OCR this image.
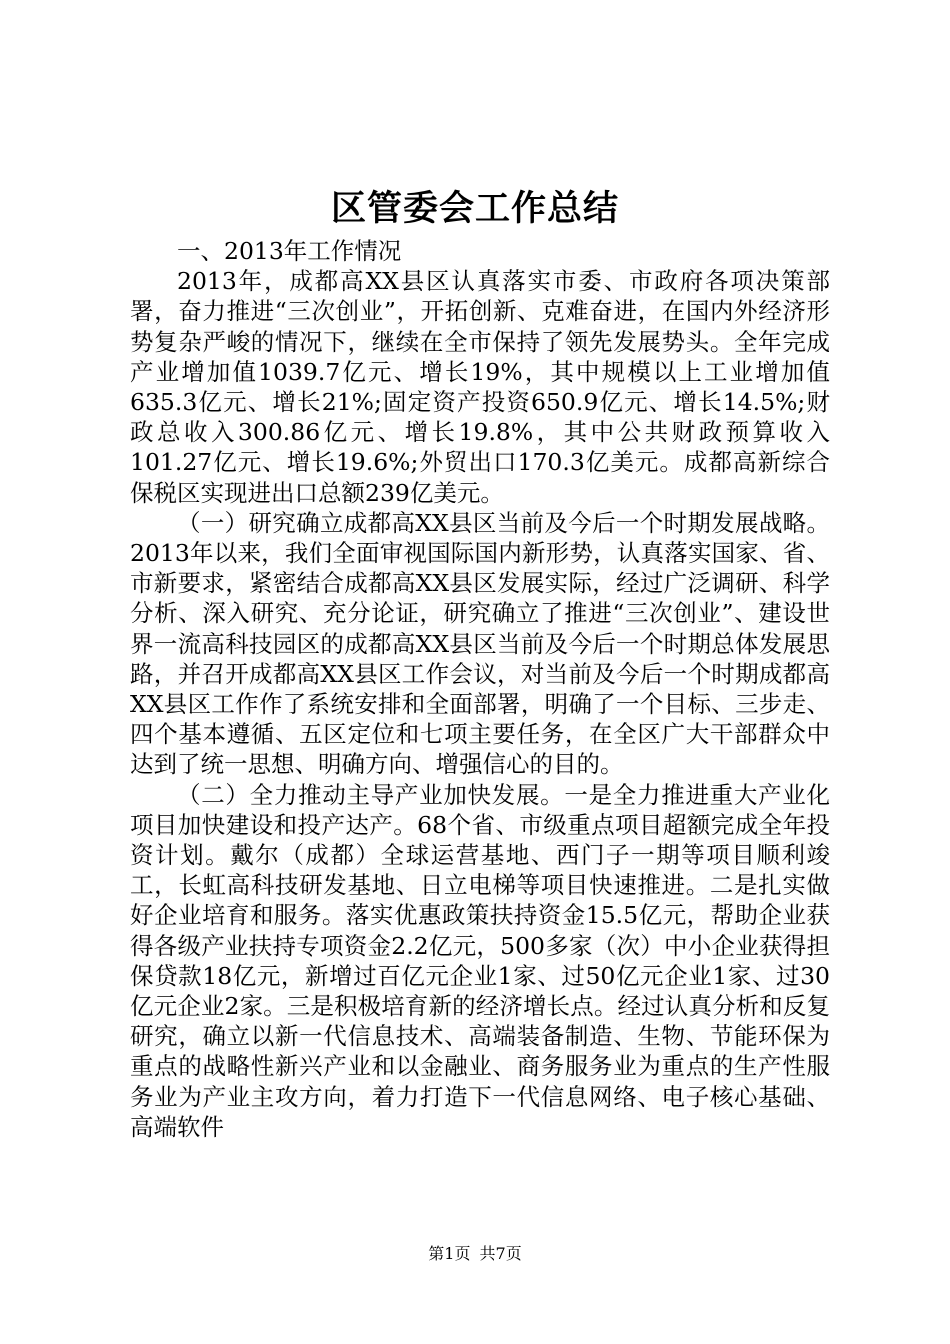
区管委会工作总结

一、2013年工作情况

2013年，成都高XX县区认真落实市委、市政府各项决策部署，奋力推进“三次创业”，开拓创新、克难奋进，在国内外经济形势复杂严峻的情况下，继续在全市保持了领先发展势头。全年完成产业增加值1039.7亿元、增长19%，其中规模以上工业增加值635.3亿元、增长21%;固定资产投资650.9亿元、增长14.5%;财政总收入300.86亿元、增长19.8%，其中公共财政预算收入101.27亿元、增长19.6%;外贸出口170.3亿美元。成都高新综合保税区实现进出口总额239亿美元。

（一）研究确立成都高XX县区当前及今后一个时期发展战略。2013年以来，我们全面审视国际国内新形势，认真落实国家、省、市新要求，紧密结合成都高XX县区发展实际，经过广泛调研、科学分析、深入研究、充分论证，研究确立了推进“三次创业”、建设世界一流高科技园区的成都高XX县区当前及今后一个时期总体发展思路，并召开成都高XX县区工作会议，对当前及今后一个时期成都高XX县区工作作了系统安排和全面部署，明确了一个目标、三步走、四个基本遵循、五区定位和七项主要任务，在全区广大干部群众中达到了统一思想、明确方向、增强信心的目的。

（二）全力推动主导产业加快发展。一是全力推进重大产业化项目加快建设和投产达产。68个省、市级重点项目超额完成全年投资计划。戴尔（成都）全球运营基地、西门子一期等项目顺利竣工，长虹高科技研发基地、日立电梯等项目快速推进。二是扎实做好企业培育和服务。落实优惠政策扶持资金15.5亿元，帮助企业获得各级产业扶持专项资金2.2亿元，500多家（次）中小企业获得担保贷款18亿元，新增过百亿元企业1家、过50亿元企业1家、过30亿元企业2家。三是积极培育新的经济增长点。经过认真分析和反复研究，确立以新一代信息技术、高端装备制造、生物、节能环保为重点的战略性新兴产业和以金融业、商务服务业为重点的生产性服务业为产业主攻方向，着力打造下一代信息网络、电子核心基础、高端软件

第1页 共7页
